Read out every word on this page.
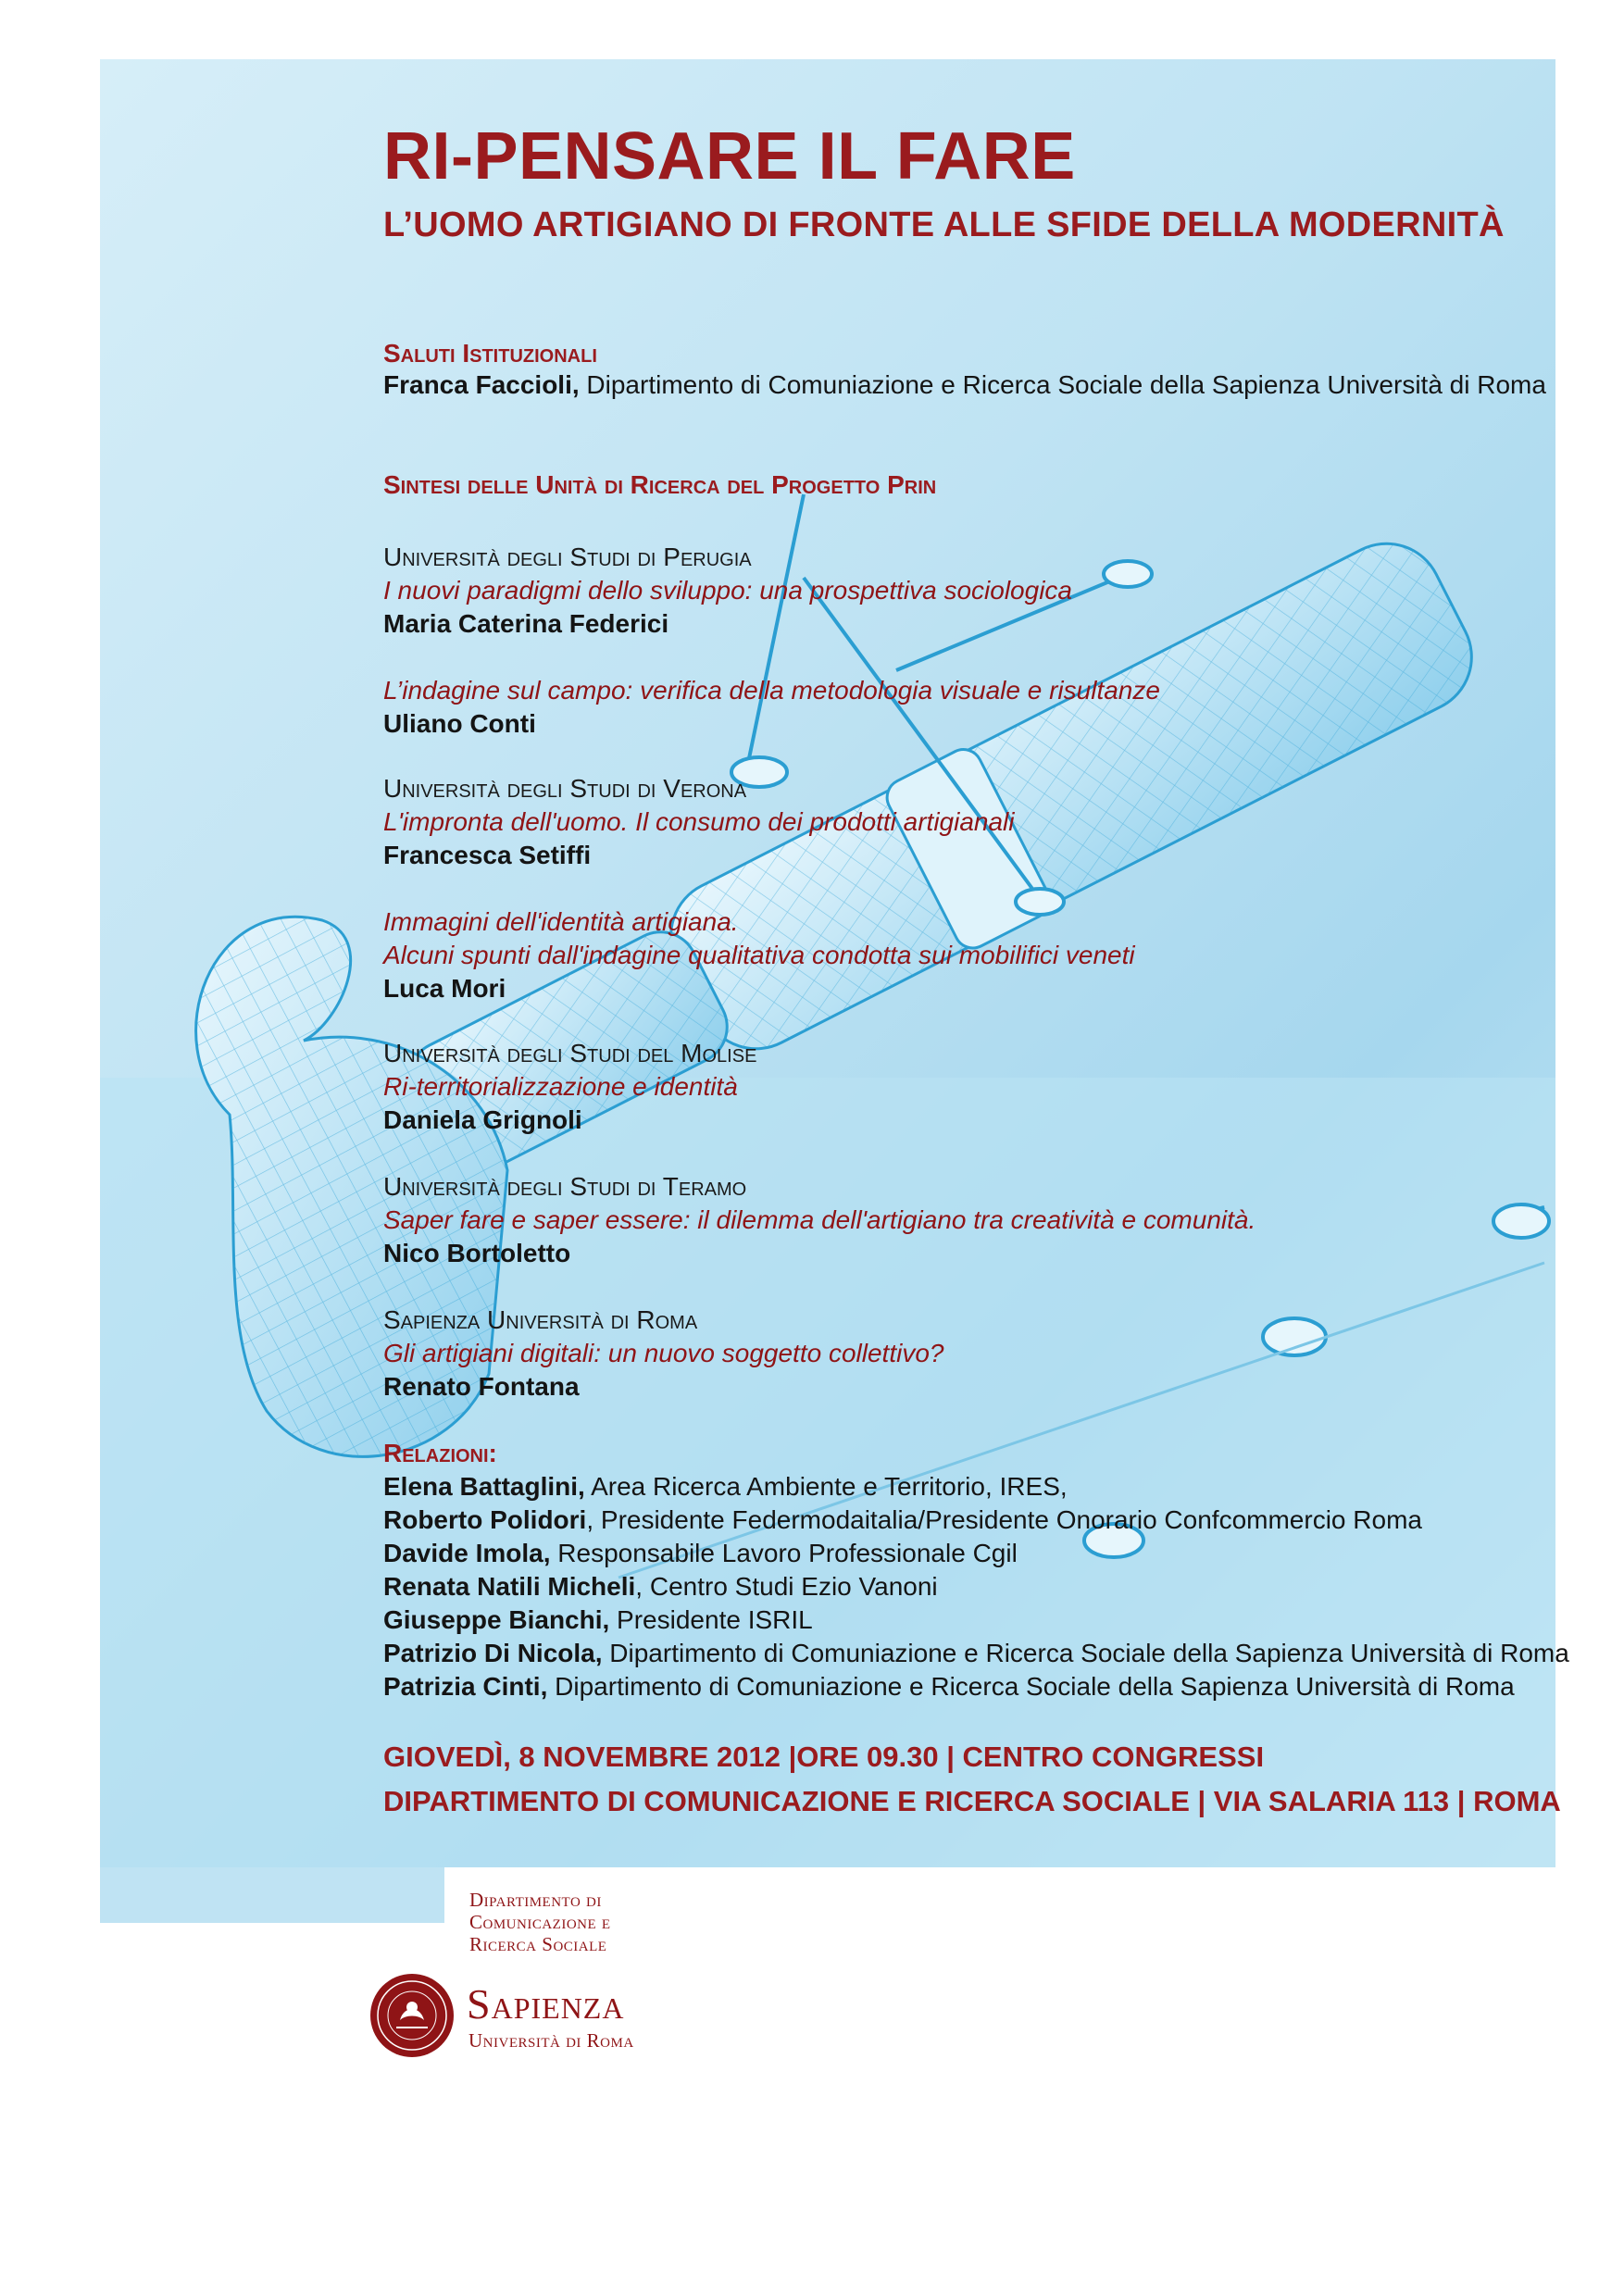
RI-PENSARE IL FARE
L’UOMO ARTIGIANO DI FRONTE ALLE SFIDE DELLA MODERNITÀ
Saluti Istituzionali
Franca Faccioli, Dipartimento di Comuniazione e Ricerca Sociale della Sapienza Università di Roma
Sintesi delle Unità di Ricerca del Progetto Prin
Università degli Studi di Perugia
I nuovi paradigmi dello sviluppo: una prospettiva sociologica
Maria Caterina Federici
L’indagine sul campo: verifica della metodologia visuale e risultanze
Uliano Conti
Università degli Studi di Verona
L'impronta dell'uomo. Il consumo dei prodotti artigianali
Francesca Setiffi
Immagini dell'identità artigiana.
Alcuni spunti dall'indagine qualitativa condotta sui mobilifici veneti
Luca Mori
Università degli Studi del Molise
Ri-territorializzazione e identità
Daniela Grignoli
Università degli Studi di Teramo
Saper fare e saper essere: il dilemma dell'artigiano tra creatività e comunità.
Nico Bortoletto
Sapienza Università di Roma
Gli artigiani digitali: un nuovo soggetto collettivo?
Renato Fontana
Relazioni:
Elena Battaglini, Area Ricerca Ambiente e Territorio, IRES,
Roberto Polidori, Presidente Federmodaitalia/Presidente Onorario Confcommercio Roma
Davide Imola, Responsabile Lavoro Professionale Cgil
Renata Natili Micheli, Centro Studi Ezio Vanoni
Giuseppe Bianchi, Presidente ISRIL
Patrizio Di Nicola, Dipartimento di Comuniazione e Ricerca Sociale della Sapienza Università di Roma
Patrizia Cinti, Dipartimento di Comuniazione e Ricerca Sociale della Sapienza Università di Roma
GIOVEDÌ, 8 NOVEMBRE 2012 |ORE 09.30 | CENTRO CONGRESSI
DIPARTIMENTO DI COMUNICAZIONE E RICERCA SOCIALE | VIA SALARIA 113 | ROMA
Dipartimento di
Comunicazione e
Ricerca Sociale
Sapienza
Università di Roma
